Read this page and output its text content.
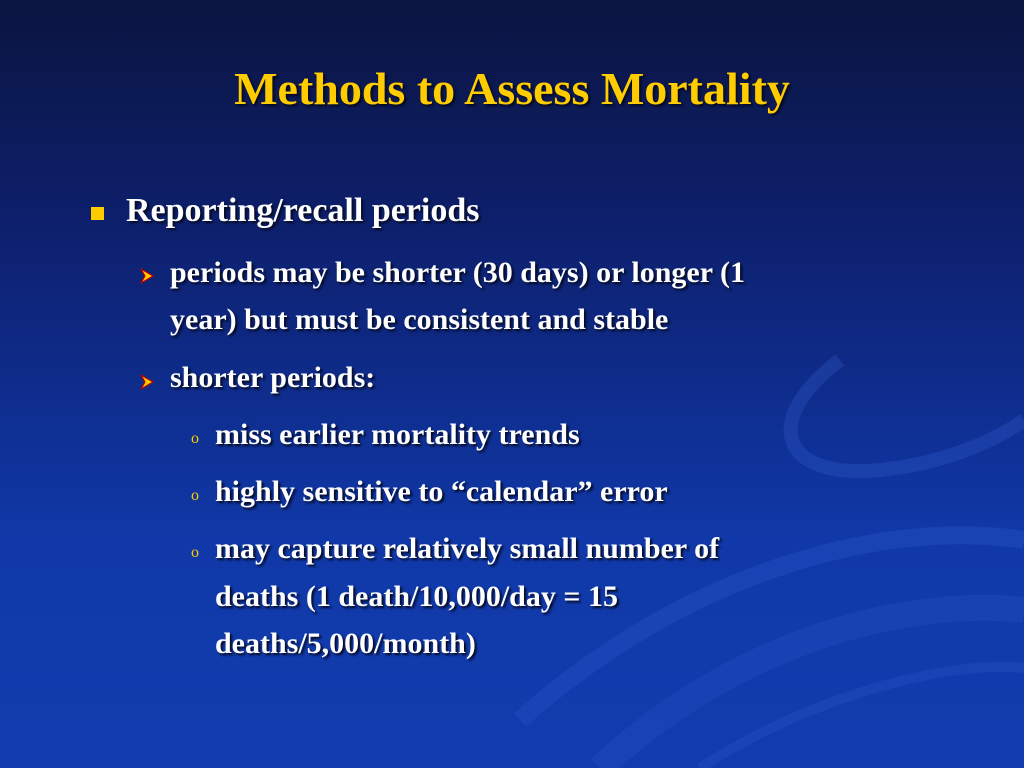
Methods to Assess Mortality
Reporting/recall periods
periods may be shorter (30 days) or longer (1
year) but must be consistent and stable
shorter periods:
o miss earlier mortality trends
o highly sensitive to “calendar” error
o may capture relatively small number of
deaths (1 death/10,000/day = 15
deaths/5,000/month)
